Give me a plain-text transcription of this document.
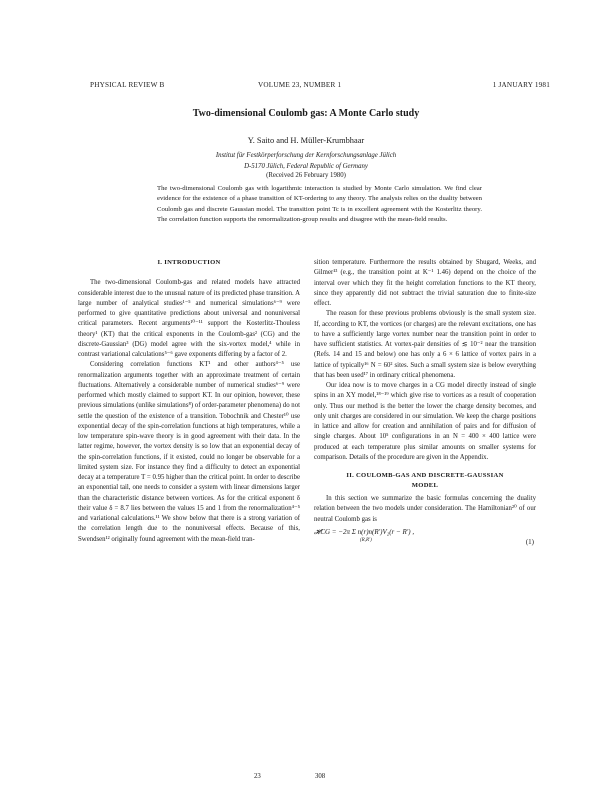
PHYSICAL REVIEW B	VOLUME 23, NUMBER 1	1 JANUARY 1981
Two-dimensional Coulomb gas: A Monte Carlo study
Y. Saito and H. Müller-Krumbhaar
Institut für Festkörperforschung der Kernforschungsanlage Jülich
D-5170 Jülich, Federal Republic of Germany
(Received 26 February 1980)

The two-dimensional Coulomb gas with logarithmic interaction is studied by Monte Carlo simulation. We find clear evidence for the existence of a phase transition of KT-ordering to any theory. The analysis relies on the duality between Coulomb gas and discrete Gaussian model. The transition point Tc is in excellent agreement with the Kosterlitz theory. The correlation function supports the renormalization-group results and disagree with the mean-field results.

I. INTRODUCTION

The two-dimensional Coulomb-gas and related models have attracted considerable interest due to the unusual nature of its predicted phase transition. A large number of analytical studies¹⁻⁵ and numerical simulations⁶⁻⁹ were performed to give quantitative predictions about universal and nonuniversal critical parameters. Recent arguments¹⁰⁻¹¹ support the Kosterlitz-Thouless theory¹ (KT) that the critical exponents in the Coulomb-gas² (CG) and the discrete-Gaussian³ (DG) model agree with the six-vortex model,⁴ while in contrast variational calculations⁵⁻⁶ gave exponents differing by a factor of 2.

Considering correlation functions KT¹ and other authors⁴⁻⁵ use renormalization arguments together with an approximate treatment of certain fluctuations. Alternatively a considerable number of numerical studies⁶⁻⁹ were performed which mostly claimed to support KT. In our opinion, however, these previous simulations (unlike simulations⁸) of order-parameter phenomena) do not settle the question of the existence of a transition. Tobochnik and Chester¹⁰ use exponential decay of the spin-correlation functions at high temperatures, while a low temperature spin-wave theory is in good agreement with their data. In the latter regime, however, the vortex density is so low that an exponential decay of the spin-correlation functions, if it existed, could no longer be observable for a limited system size. For instance they find a difficulty to detect an exponential decay at a temperature T = 0.95 higher than the critical point. In order to describe an exponential tail, one needs to consider a system with linear dimensions larger than the characteristic distance between vortices. As for the critical exponent δ their value δ = 8.7 lies between the values 15 and 1 from the renormalization⁴⁻⁵ and variational calculations.¹¹ We show below that there is a strong variation of the correlation length due to the nonuniversal effects. Because of this, Swendsen¹² originally found agreement with the mean-field tran-

sition temperature. Furthermore the results obtained by Shugard, Weeks, and Gilmer¹³ (e.g., the transition point at K⁻¹ 1.46) depend on the choice of the interval over which they fit the height correlation functions to the KT theory, since they apparently did not subtract the trivial saturation due to finite-size effect.

The reason for these previous problems obviously is the small system size. If, according to KT, the vortices (or charges) are the relevant excitations, one has to have a sufficiently large vortex number near the transition point in order to have sufficient statistics. At vortex-pair densities of ≲ 10⁻² near the transition (Refs. 14 and 15 and below) one has only a 6 × 6 lattice of vortex pairs in a lattice of typically¹⁶ N = 60² sites. Such a small system size is below everything that has been used¹⁷ in ordinary critical phenomena.

Our idea now is to move charges in a CG model directly instead of single spins in an XY model,¹⁸⁻¹⁹ which give rise to vortices as a result of cooperation only. Thus our method is the better the lower the charge density becomes, and only unit charges are considered in our simulation. We keep the charge positions in lattice and allow for creation and annihilation of pairs and for diffusion of single charges. About 10⁵ configurations in an N = 400 × 400 lattice were produced at each temperature plus similar amounts on smaller systems for comparison. Details of the procedure are given in the Appendix.

II. COULOMB-GAS AND DISCRETE-GAUSSIAN
MODEL

In this section we summarize the basic formulas concerning the duality relation between the two models under consideration. The Hamiltonian²⁰ of our neutral Coulomb gas is

𝓗CG = −2π Σ n(r)n(R′)V₂(r − R′) ,
(R,R′)	(1)
23	308
